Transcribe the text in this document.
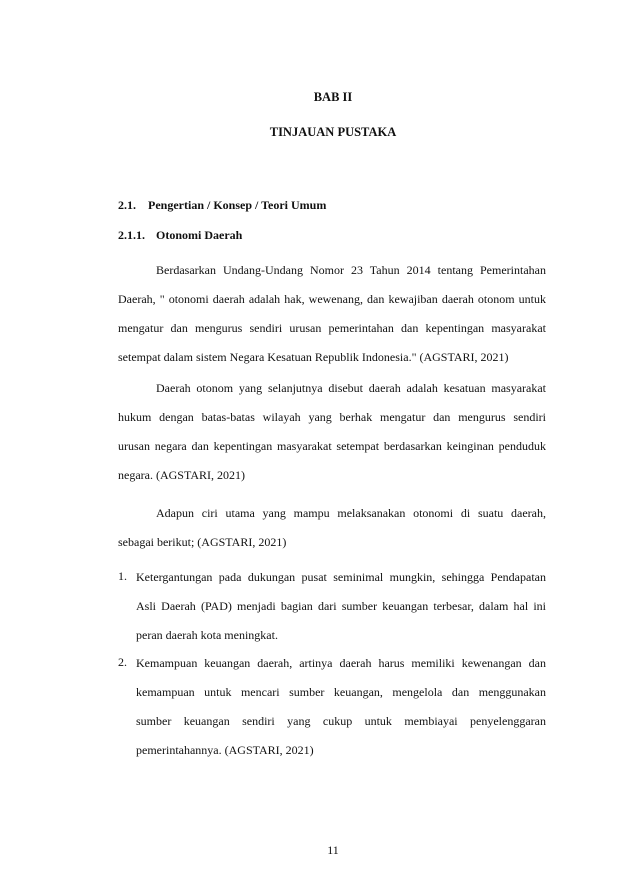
BAB II
TINJAUAN PUSTAKA
2.1. Pengertian / Konsep / Teori Umum
2.1.1. Otonomi Daerah
Berdasarkan Undang-Undang Nomor 23 Tahun 2014 tentang Pemerintahan
Daerah, " otonomi daerah adalah hak, wewenang, dan kewajiban daerah otonom untuk
mengatur dan mengurus sendiri urusan pemerintahan dan kepentingan masyarakat
setempat dalam sistem Negara Kesatuan Republik Indonesia." (AGSTARI, 2021)
Daerah otonom yang selanjutnya disebut daerah adalah kesatuan masyarakat
hukum dengan batas-batas wilayah yang berhak mengatur dan mengurus sendiri
urusan negara dan kepentingan masyarakat setempat berdasarkan keinginan penduduk
negara. (AGSTARI, 2021)
Adapun ciri utama yang mampu melaksanakan otonomi di suatu daerah,
sebagai berikut; (AGSTARI, 2021)
1. Ketergantungan pada dukungan pusat seminimal mungkin, sehingga Pendapatan
Asli Daerah (PAD) menjadi bagian dari sumber keuangan terbesar, dalam hal ini
peran daerah kota meningkat.
2. Kemampuan keuangan daerah, artinya daerah harus memiliki kewenangan dan
kemampuan untuk mencari sumber keuangan, mengelola dan menggunakan
sumber keuangan sendiri yang cukup untuk membiayai penyelenggaran
pemerintahannya. (AGSTARI, 2021)
11
